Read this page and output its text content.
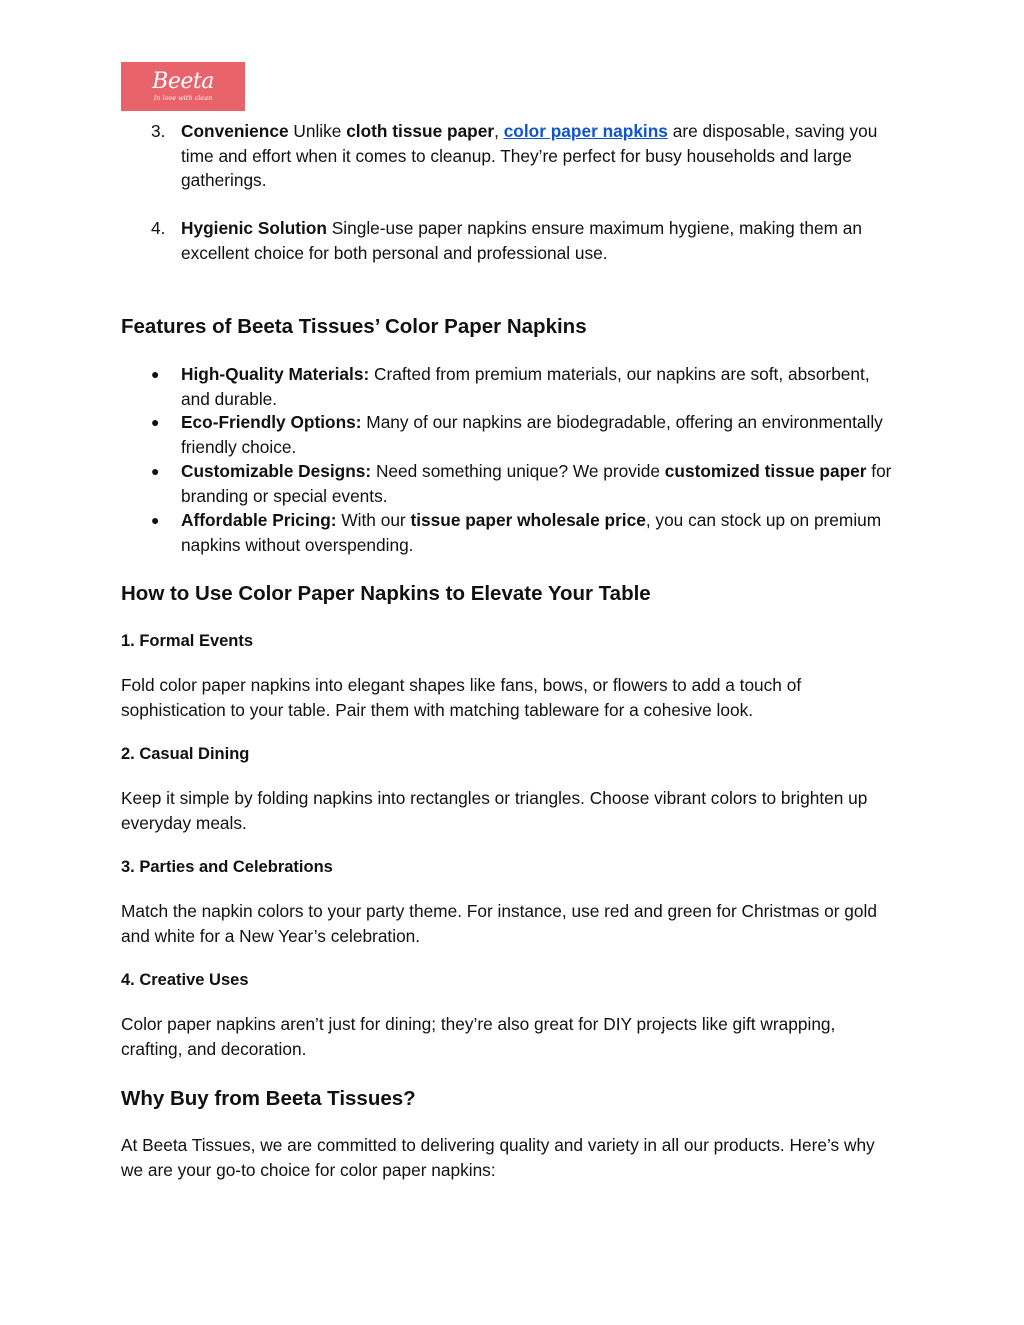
Beeta
In love with clean
3. Convenience Unlike cloth tissue paper, color paper napkins are disposable, saving you time and effort when it comes to cleanup. They’re perfect for busy households and large gatherings.
4. Hygienic Solution Single-use paper napkins ensure maximum hygiene, making them an excellent choice for both personal and professional use.
Features of Beeta Tissues’ Color Paper Napkins
● High-Quality Materials: Crafted from premium materials, our napkins are soft, absorbent, and durable.
● Eco-Friendly Options: Many of our napkins are biodegradable, offering an environmentally friendly choice.
● Customizable Designs: Need something unique? We provide customized tissue paper for branding or special events.
● Affordable Pricing: With our tissue paper wholesale price, you can stock up on premium napkins without overspending.
How to Use Color Paper Napkins to Elevate Your Table
1. Formal Events
Fold color paper napkins into elegant shapes like fans, bows, or flowers to add a touch of sophistication to your table. Pair them with matching tableware for a cohesive look.
2. Casual Dining
Keep it simple by folding napkins into rectangles or triangles. Choose vibrant colors to brighten up everyday meals.
3. Parties and Celebrations
Match the napkin colors to your party theme. For instance, use red and green for Christmas or gold and white for a New Year’s celebration.
4. Creative Uses
Color paper napkins aren’t just for dining; they’re also great for DIY projects like gift wrapping, crafting, and decoration.
Why Buy from Beeta Tissues?
At Beeta Tissues, we are committed to delivering quality and variety in all our products. Here’s why we are your go-to choice for color paper napkins:
